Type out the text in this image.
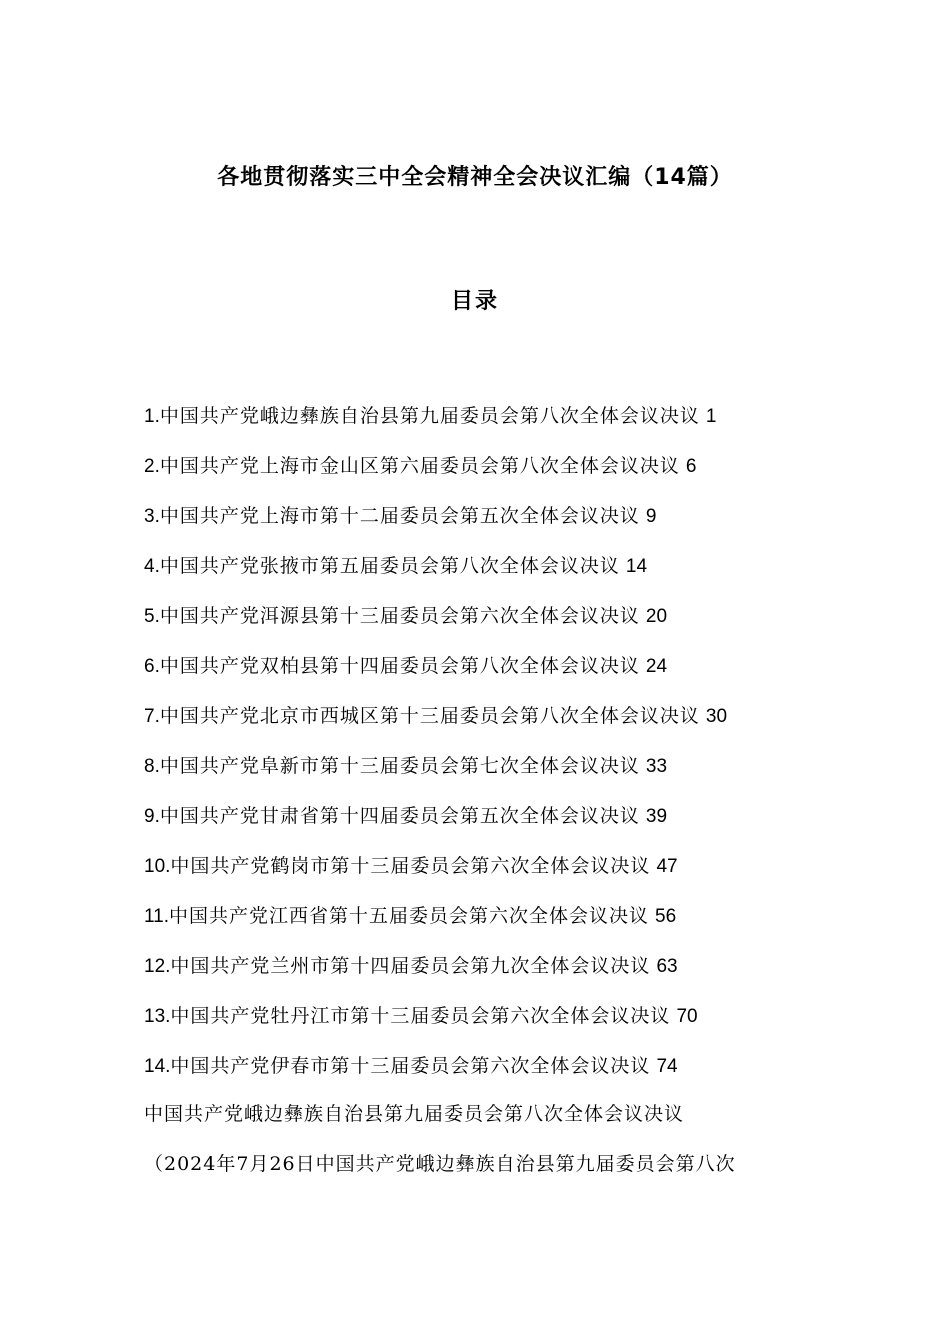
各地贯彻落实三中全会精神全会决议汇编（14篇）
目录
1.中国共产党峨边彝族自治县第九届委员会第八次全体会议决议 1
2.中国共产党上海市金山区第六届委员会第八次全体会议决议 6
3.中国共产党上海市第十二届委员会第五次全体会议决议 9
4.中国共产党张掖市第五届委员会第八次全体会议决议 14
5.中国共产党洱源县第十三届委员会第六次全体会议决议 20
6.中国共产党双柏县第十四届委员会第八次全体会议决议 24
7.中国共产党北京市西城区第十三届委员会第八次全体会议决议 30
8.中国共产党阜新市第十三届委员会第七次全体会议决议 33
9.中国共产党甘肃省第十四届委员会第五次全体会议决议 39
10.中国共产党鹤岗市第十三届委员会第六次全体会议决议 47
11.中国共产党江西省第十五届委员会第六次全体会议决议 56
12.中国共产党兰州市第十四届委员会第九次全体会议决议 63
13.中国共产党牡丹江市第十三届委员会第六次全体会议决议 70
14.中国共产党伊春市第十三届委员会第六次全体会议决议 74
中国共产党峨边彝族自治县第九届委员会第八次全体会议决议
（2024年7月26日中国共产党峨边彝族自治县第九届委员会第八次
